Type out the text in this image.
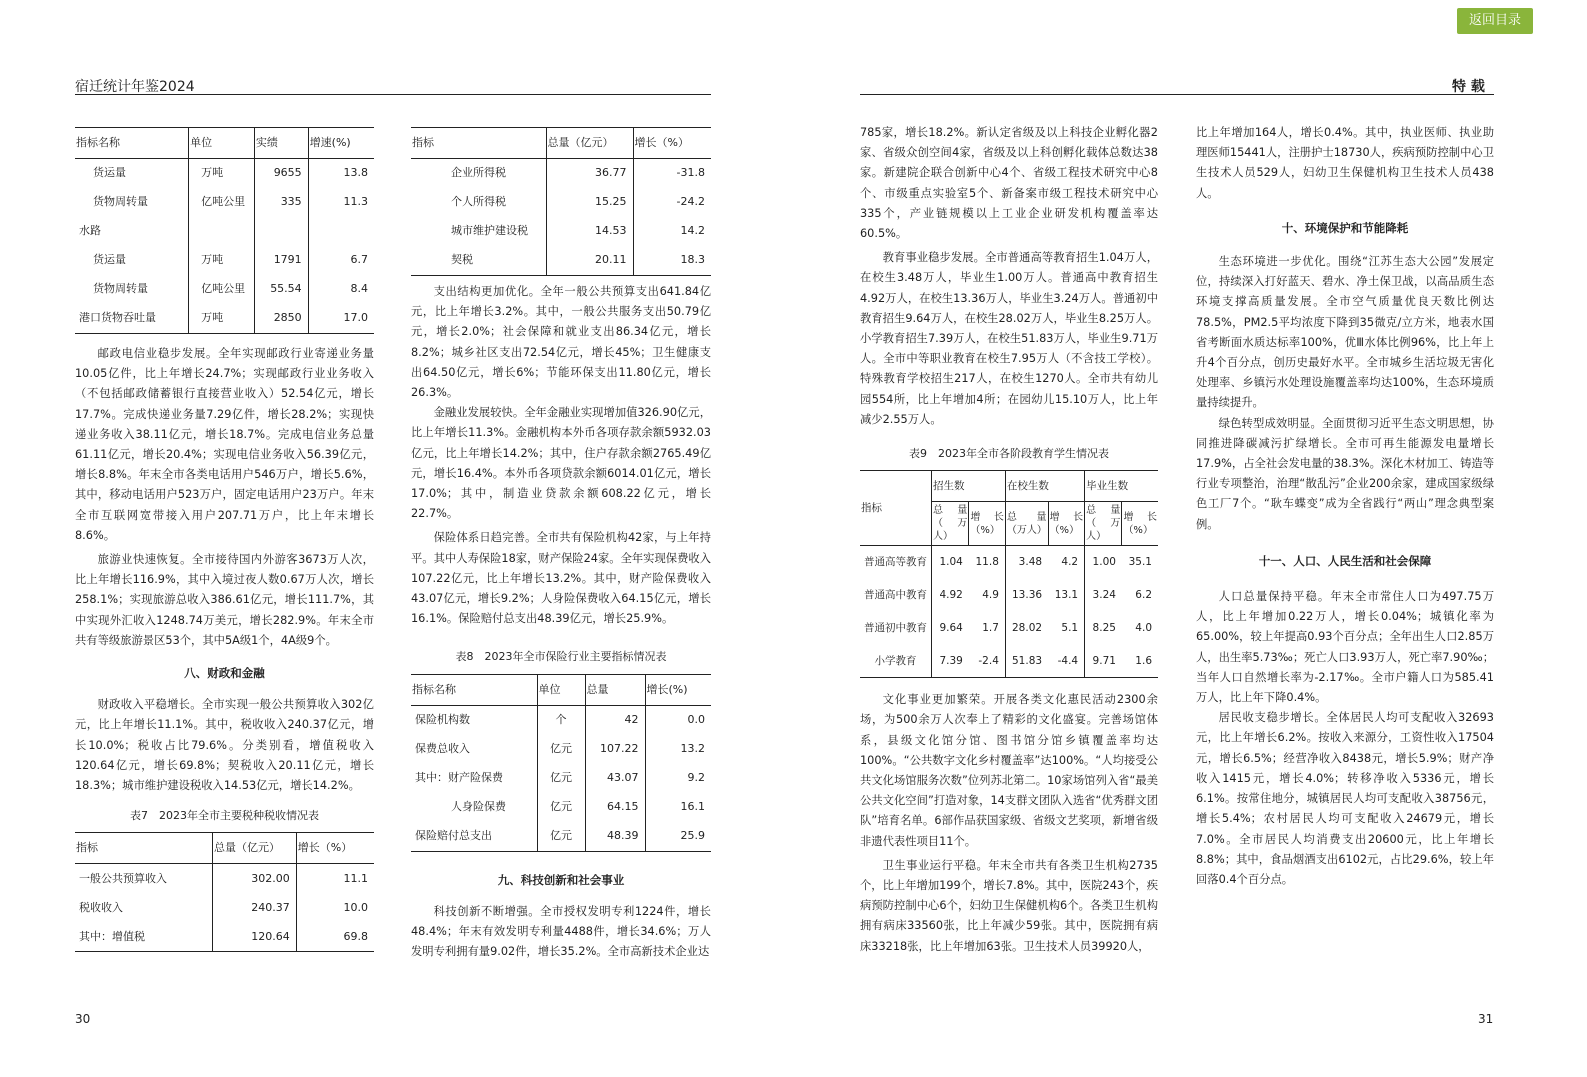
宿迁统计年鉴2024	特 载
返回目录
指标名称	单位	实绩	增速(%)
货运量	万吨	9655	13.8
货物周转量	亿吨公里	335	11.3
水路			
货运量	万吨	1791	6.7
货物周转量	亿吨公里	55.54	8.4
港口货物吞吐量	万吨	2850	17.0

邮政电信业稳步发展。全年实现邮政行业寄递业务量10.05亿件，比上年增长24.7%；实现邮政行业业务收入（不包括邮政储蓄银行直接营业收入）52.54亿元，增长17.7%。完成快递业务量7.29亿件，增长28.2%；实现快递业务收入38.11亿元，增长18.7%。完成电信业务总量61.11亿元，增长20.4%；实现电信业务收入56.39亿元，增长8.8%。年末全市各类电话用户546万户，增长5.6%，其中，移动电话用户523万户，固定电话用户23万户。年末全市互联网宽带接入用户207.71万户，比上年末增长8.6%。

旅游业快速恢复。全市接待国内外游客3673万人次，比上年增长116.9%，其中入境过夜人数0.67万人次，增长258.1%；实现旅游总收入386.61亿元，增长111.7%，其中实现外汇收入1248.74万美元，增长282.9%。年末全市共有等级旅游景区53个，其中5A级1个，4A级9个。

八、财政和金融

财政收入平稳增长。全市实现一般公共预算收入302亿元，比上年增长11.1%。其中，税收收入240.37亿元，增长10.0%；税收占比79.6%。分类别看，增值税收入120.64亿元，增长69.8%；契税收入20.11亿元，增长18.3%；城市维护建设税收入14.53亿元，增长14.2%。

表7　2023年全市主要税种税收情况表
指标	总量（亿元）	增长（%）
一般公共预算收入	302.00	11.1
税收收入	240.37	10.0
其中：增值税	120.64	69.8
指标	总量（亿元）	增长（%）
企业所得税	36.77	-31.8
个人所得税	15.25	-24.2
城市维护建设税	14.53	14.2
契税	20.11	18.3

支出结构更加优化。全年一般公共预算支出641.84亿元，比上年增长3.2%。其中，一般公共服务支出50.79亿元，增长2.0%；社会保障和就业支出86.34亿元，增长8.2%；城乡社区支出72.54亿元，增长45%；卫生健康支出64.50亿元，增长6%；节能环保支出11.80亿元，增长26.3%。

金融业发展较快。全年金融业实现增加值326.90亿元，比上年增长11.3%。金融机构本外币各项存款余额5932.03亿元，比上年增长14.2%；其中，住户存款余额2765.49亿元，增长16.4%。本外币各项贷款余额6014.01亿元，增长17.0%；其中，制造业贷款余额608.22亿元，增长22.7%。

保险体系日趋完善。全市共有保险机构42家，与上年持平。其中人寿保险18家，财产保险24家。全年实现保费收入107.22亿元，比上年增长13.2%。其中，财产险保费收入43.07亿元，增长9.2%；人身险保费收入64.15亿元，增长16.1%。保险赔付总支出48.39亿元，增长25.9%。

表8　2023年全市保险行业主要指标情况表
指标名称	单位	总量	增长(%)
保险机构数	个	42	0.0
保费总收入	亿元	107.22	13.2
其中：财产险保费	亿元	43.07	9.2
人身险保费	亿元	64.15	16.1
保险赔付总支出	亿元	48.39	25.9
九、科技创新和社会事业

科技创新不断增强。全市授权发明专利1224件，增长48.4%；年末有效发明专利量4488件，增长34.6%；万人发明专利拥有量9.02件，增长35.2%。全市高新技术企业达

785家，增长18.2%。新认定省级及以上科技企业孵化器2家、省级众创空间4家，省级及以上科创孵化载体总数达38家。新建院企联合创新中心4个、省级工程技术研究中心8个、市级重点实验室5个、新备案市级工程技术研究中心335个，产业链规模以上工业企业研发机构覆盖率达60.5%。

教育事业稳步发展。全市普通高等教育招生1.04万人，在校生3.48万人，毕业生1.00万人。普通高中教育招生4.92万人，在校生13.36万人，毕业生3.24万人。普通初中教育招生9.64万人，在校生28.02万人，毕业生8.25万人。小学教育招生7.39万人，在校生51.83万人，毕业生9.71万人。全市中等职业教育在校生7.95万人（不含技工学校）。特殊教育学校招生217人，在校生1270人。全市共有幼儿园554所，比上年增加4所；在园幼儿15.10万人，比上年减少2.55万人。

表9　2023年全市各阶段教育学生情况表
指标	招生数		在校生数		毕业生数	
	总量（万人）	增长（%）	总量（万人）	增长（%）	总量（万人）	增长（%）
普通高等教育	1.04	11.8	3.48	4.2	1.00	35.1
普通高中教育	4.92	4.9	13.36	13.1	3.24	6.2
普通初中教育	9.64	1.7	28.02	5.1	8.25	4.0
小学教育	7.39	-2.4	51.83	-4.4	9.71	1.6

文化事业更加繁荣。开展各类文化惠民活动2300余场，为500余万人次奉上了精彩的文化盛宴。完善场馆体系，县级文化馆分馆、图书馆分馆乡镇覆盖率均达100%。“公共数字文化乡村覆盖率”达100%。“人均接受公共文化场馆服务次数”位列苏北第二。10家场馆列入省“最美公共文化空间”打造对象，14支群文团队入选省“优秀群文团队”培育名单。6部作品获国家级、省级文艺奖项，新增省级非遗代表性项目11个。

卫生事业运行平稳。年末全市共有各类卫生机构2735个，比上年增加199个，增长7.8%。其中，医院243个，疾病预防控制中心6个，妇幼卫生保健机构6个。各类卫生机构拥有病床33560张，比上年减少59张。其中，医院拥有病床33218张，比上年增加63张。卫生技术人员39920人，

比上年增加164人，增长0.4%。其中，执业医师、执业助理医师15441人，注册护士18730人，疾病预防控制中心卫生技术人员529人，妇幼卫生保健机构卫生技术人员438人。

十、环境保护和节能降耗

生态环境进一步优化。围绕“江苏生态大公园”发展定位，持续深入打好蓝天、碧水、净土保卫战，以高品质生态环境支撑高质量发展。全市空气质量优良天数比例达78.5%，PM2.5平均浓度下降到35微克/立方米，地表水国省考断面水质达标率100%，优Ⅲ水体比例96%，比上年上升4个百分点，创历史最好水平。全市城乡生活垃圾无害化处理率、乡镇污水处理设施覆盖率均达100%，生态环境质量持续提升。

绿色转型成效明显。全面贯彻习近平生态文明思想，协同推进降碳减污扩绿增长。全市可再生能源发电量增长17.9%，占全社会发电量的38.3%。深化木材加工、铸造等行业专项整治，治理“散乱污”企业200余家，建成国家级绿色工厂7个。“耿车蝶变”成为全省践行“两山”理念典型案例。

十一、人口、人民生活和社会保障

人口总量保持平稳。年末全市常住人口为497.75万人，比上年增加0.22万人，增长0.04%；城镇化率为65.00%，较上年提高0.93个百分点；全年出生人口2.85万人，出生率5.73‰；死亡人口3.93万人，死亡率7.90‰；当年人口自然增长率为-2.17‰。全市户籍人口为585.41万人，比上年下降0.4%。

居民收支稳步增长。全体居民人均可支配收入32693元，比上年增长6.2%。按收入来源分，工资性收入17504元，增长6.5%；经营净收入8438元，增长5.9%；财产净收入1415元，增长4.0%；转移净收入5336元，增长6.1%。按常住地分，城镇居民人均可支配收入38756元，增长5.4%；农村居民人均可支配收入24679元，增长7.0%。全市居民人均消费支出20600元，比上年增长8.8%；其中，食品烟酒支出6102元，占比29.6%，较上年回落0.4个百分点。

30	31
